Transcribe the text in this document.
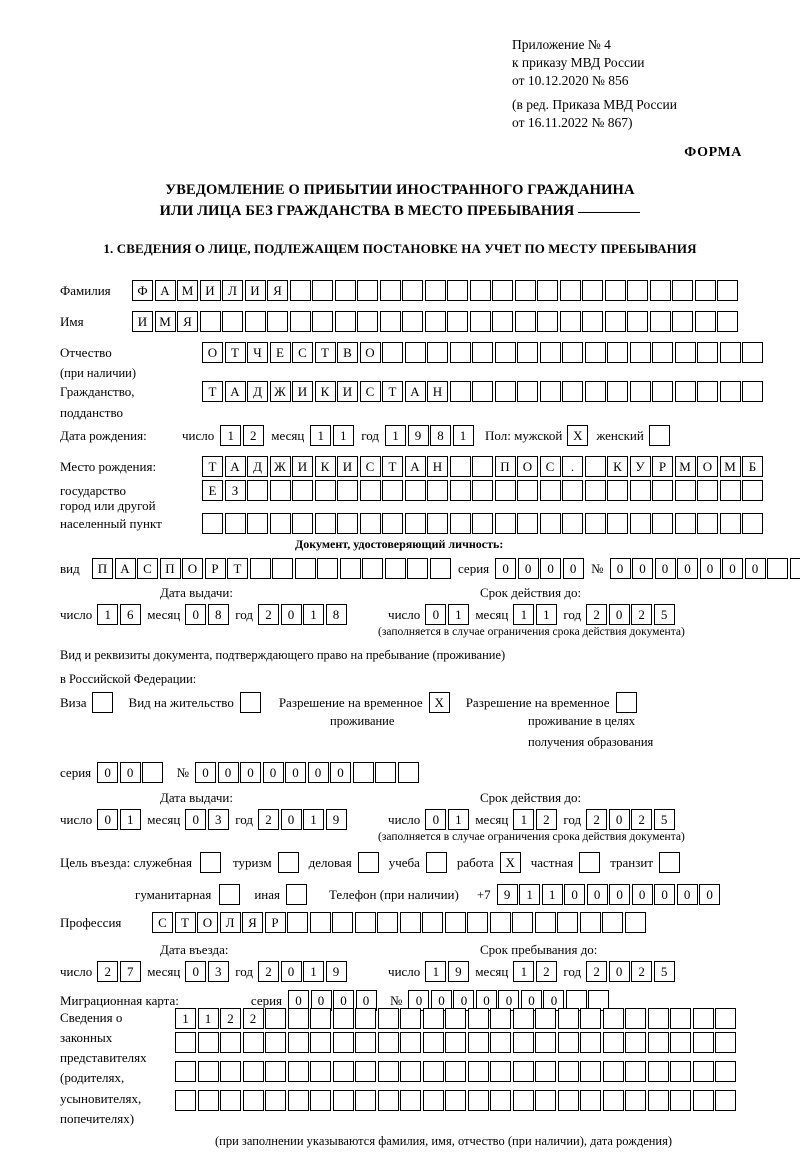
Приложение № 4
к приказу МВД России
от 10.12.2020 № 856
(в ред. Приказа МВД России
от 16.11.2022 № 867)
ФОРМА
УВЕДОМЛЕНИЕ О ПРИБЫТИИ ИНОСТРАННОГО ГРАЖДАНИНА
ИЛИ ЛИЦА БЕЗ ГРАЖДАНСТВА В МЕСТО ПРЕБЫВАНИЯ
1. СВЕДЕНИЯ О ЛИЦЕ, ПОДЛЕЖАЩЕМ ПОСТАНОВКЕ НА УЧЕТ ПО МЕСТУ ПРЕБЫВАНИЯ
Фамилия	Ф А М И	Л	И	Я
Имя	И М Я
Отчество	О	Т	Ч	Е	С	Т	В	О
(при наличии)
Гражданство,	Т	А	Д Ж И	К	И	С	Т	А	Н
подданство
Дата рождения:	число	1	2	месяц	1	1	год	1	9	8	1	Пол: мужской Х	женский
Место рождения:	Т	А	Д Ж И	К	И	С	Т	А	Н	П	О	С	.	К	У	Р	М О М Б
государство	Е	З
город или другой
населенный пункт
Документ, удостоверяющий личность:
вид	П	А	С	П	О	Р	Т	серия	0	0	0	0	№	0	0	0	0	0	0	0
Дата выдачи:	Срок действия до:
число 1	6	месяц 0	8	год 2	0	1	8	число 0	1	месяц 1	1	год 2	0	2	5
(заполняется в случае ограничения срока действия документа)
Вид и реквизиты документа, подтверждающего право на пребывание (проживание)
в Российской Федерации:
Виза	Вид на жительство	Разрешение на временное Х	Разрешение на временное
проживание	проживание в целях
получения образования
серия	0	0	№	0	0	0	0	0	0	0
Дата выдачи:	Срок действия до:
число 0	1	месяц 0	3	год 2	0	1	9	число 0	1	месяц 1	2	год 2	0	2	5
(заполняется в случае ограничения срока действия документа)
Цель въезда: служебная	туризм	деловая	учеба	работа Х	частная	транзит
гуманитарная	иная	Телефон (при наличии) +7	9	1	1	0	0	0	0	0	0	0
Профессия	С	Т	О	Л	Я	Р
Дата въезда:	Срок пребывания до:
число 2	7	месяц 0	3	год 2	0	1	9	число 1	9	месяц 1	2	год 2	0	2	5
Миграционная карта:	серия	0	0	0	0	№	0	0	0	0	0	0	0
Сведения о
законных
представителях
(родителях,
усыновителях,
попечителях)
1	1	2	2
(при заполнении указываются фамилия, имя, отчество (при наличии), дата рождения)
